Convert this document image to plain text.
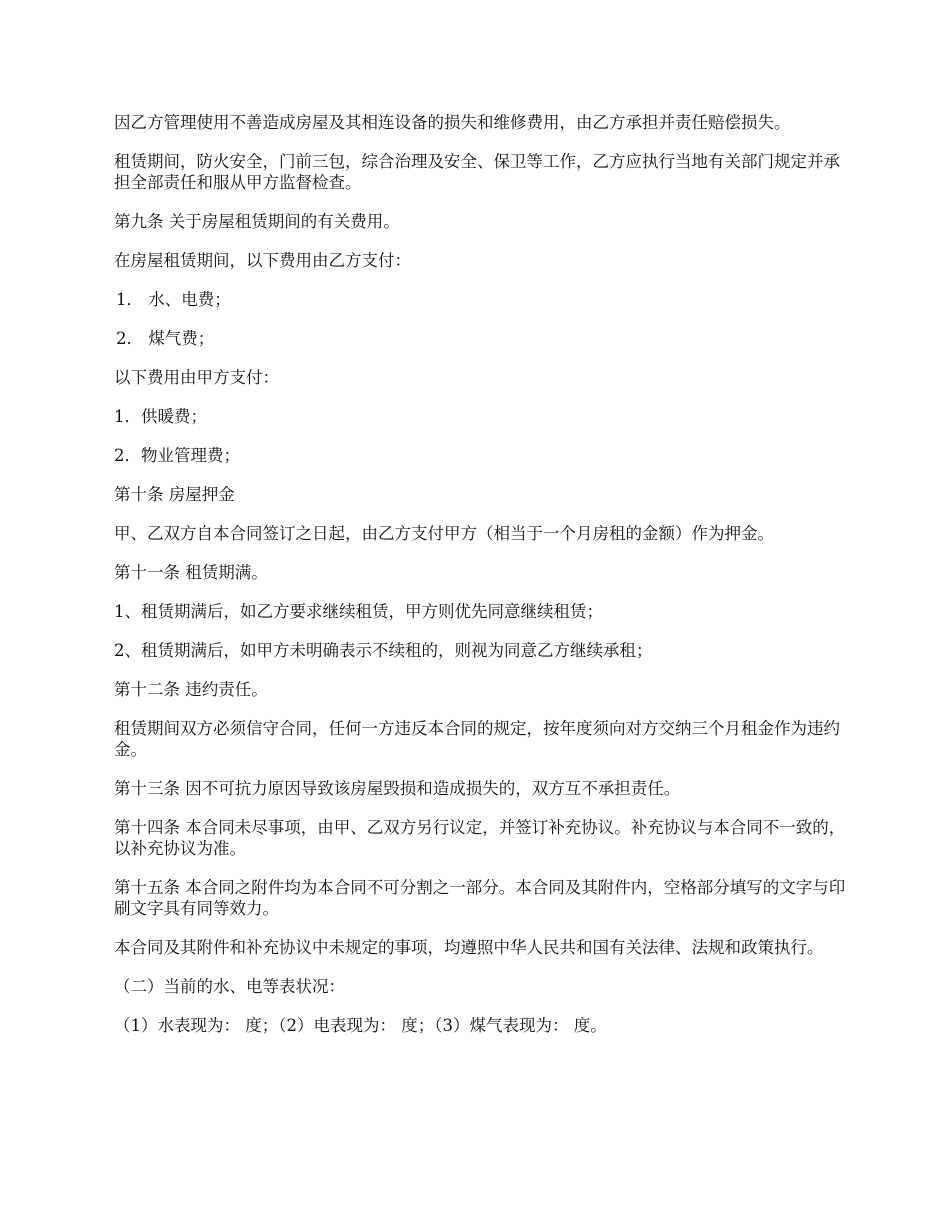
因乙方管理使用不善造成房屋及其相连设备的损失和维修费用，由乙方承担并责任赔偿损失。

租赁期间，防火安全，门前三包，综合治理及安全、保卫等工作，乙方应执行当地有关部门规定并承担全部责任和服从甲方监督检查。

第九条 关于房屋租赁期间的有关费用。

在房屋租赁期间，以下费用由乙方支付：

1． 水、电费；

2． 煤气费；

以下费用由甲方支付：

1．供暖费；

2．物业管理费；

第十条 房屋押金

甲、乙双方自本合同签订之日起，由乙方支付甲方（相当于一个月房租的金额）作为押金。

第十一条 租赁期满。

1、租赁期满后，如乙方要求继续租赁，甲方则优先同意继续租赁；

2、租赁期满后，如甲方未明确表示不续租的，则视为同意乙方继续承租；

第十二条 违约责任。

租赁期间双方必须信守合同，任何一方违反本合同的规定，按年度须向对方交纳三个月租金作为违约金。

第十三条 因不可抗力原因导致该房屋毁损和造成损失的，双方互不承担责任。

第十四条 本合同未尽事项，由甲、乙双方另行议定，并签订补充协议。补充协议与本合同不一致的，以补充协议为准。

第十五条 本合同之附件均为本合同不可分割之一部分。本合同及其附件内，空格部分填写的文字与印刷文字具有同等效力。

本合同及其附件和补充协议中未规定的事项，均遵照中华人民共和国有关法律、法规和政策执行。

（二）当前的水、电等表状况：

（1）水表现为： 度；（2）电表现为： 度；（3）煤气表现为： 度。
